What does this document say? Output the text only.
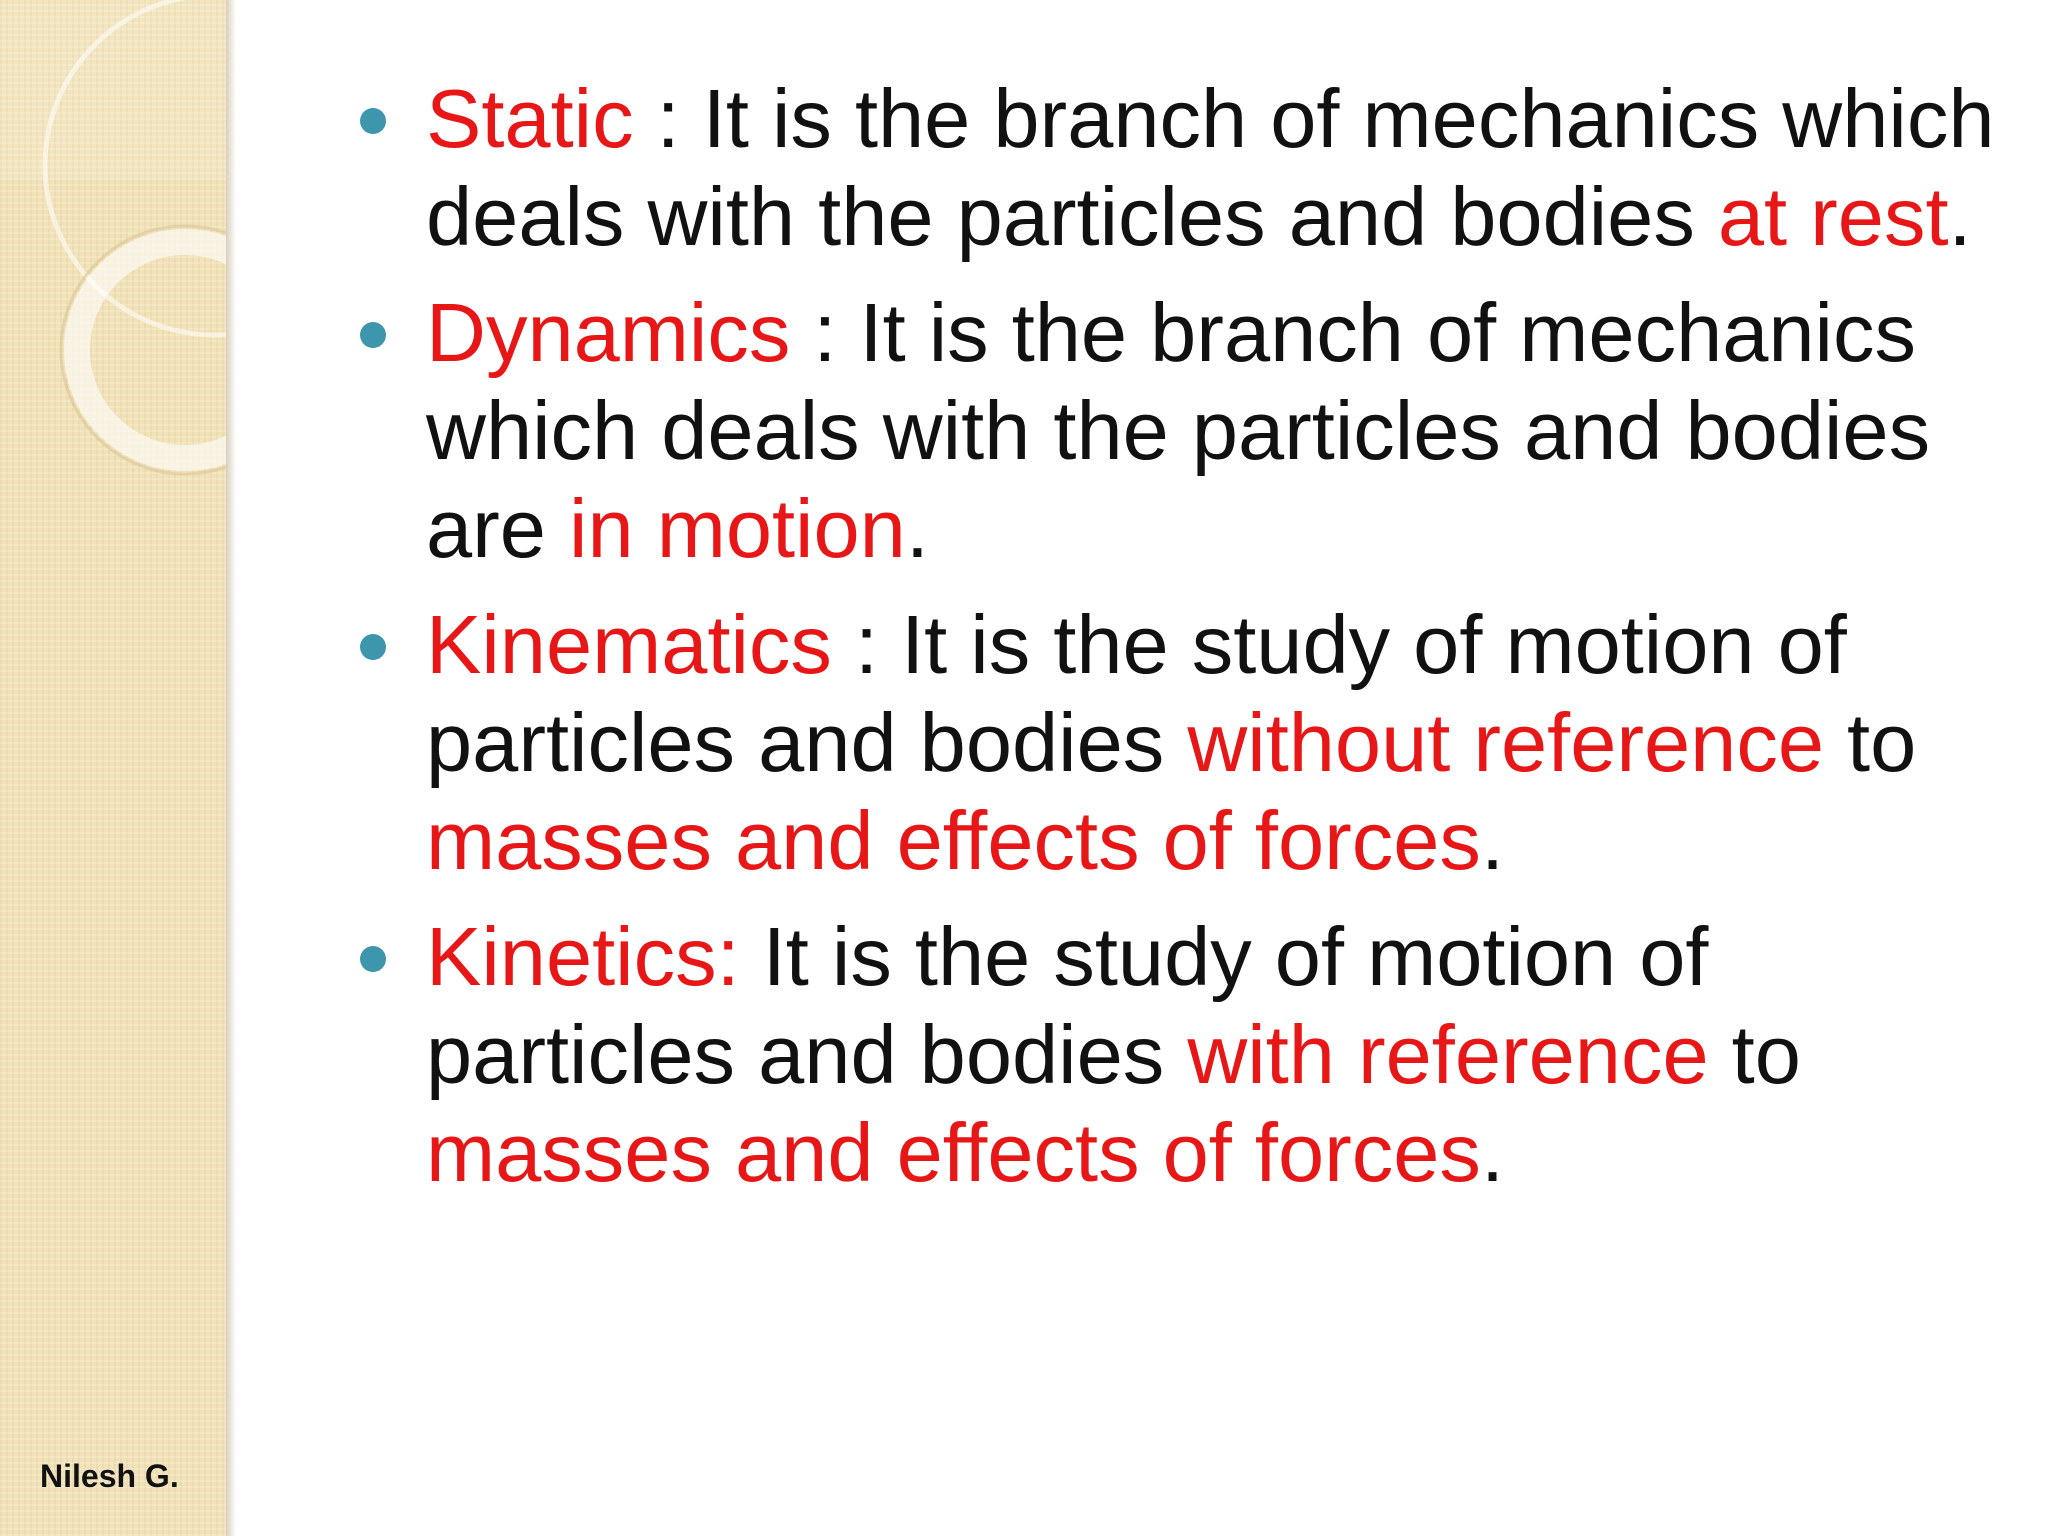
Static : It is the branch of mechanics which deals with the particles and bodies at rest.
Dynamics : It is the branch of mechanics which deals with the particles and bodies are in motion.
Kinematics : It is the study of motion of particles and bodies without reference to masses and effects of forces.
Kinetics: It is the study of motion of particles and bodies with reference to masses and effects of forces.
Nilesh G.
